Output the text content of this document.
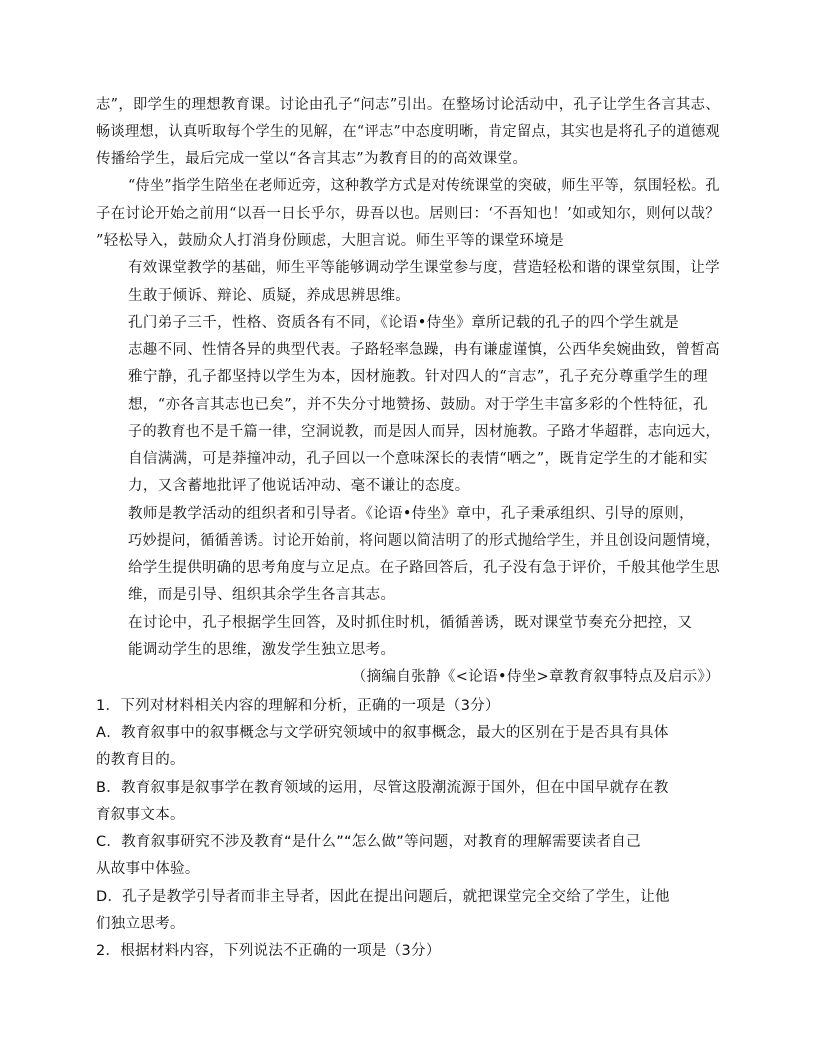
志”，即学生的理想教育课。讨论由孔子“问志”引出。在整场讨论活动中，孔子让学生各言其志、
畅谈理想，认真听取每个学生的见解，在“评志”中态度明晰，肯定留点，其实也是将孔子的道德观
传播给学生，最后完成一堂以“各言其志”为教育目的的高效课堂。
“侍坐”指学生陪坐在老师近旁，这种教学方式是对传统课堂的突破，师生平等，氛围轻松。孔
子在讨论开始之前用“以吾一日长乎尔，毋吾以也。居则曰：‘不吾知也！’如或知尔，则何以哉？
”轻松导入，鼓励众人打消身份顾虑，大胆言说。师生平等的课堂环境是
有效课堂教学的基础，师生平等能够调动学生课堂参与度，营造轻松和谐的课堂氛围，让学
生敢于倾诉、辩论、质疑，养成思辨思维。
孔门弟子三千，性格、资质各有不同，《论语•侍坐》章所记载的孔子的四个学生就是
志趣不同、性情各异的典型代表。子路轻率急躁，冉有谦虚谨慎，公西华矣婉曲致，曾皙高
雅宁静，孔子都坚持以学生为本，因材施教。针对四人的“言志”，孔子充分尊重学生的理
想，“亦各言其志也已矣”，并不失分寸地赞扬、鼓励。对于学生丰富多彩的个性特征，孔
子的教育也不是千篇一律，空洞说教，而是因人而异，因材施教。子路才华超群，志向远大，
自信满满，可是莽撞冲动，孔子回以一个意味深长的表情“哂之”，既肯定学生的才能和实
力，又含蓄地批评了他说话冲动、毫不谦让的态度。
教师是教学活动的组织者和引导者。《论语•侍坐》章中，孔子秉承组织、引导的原则，
巧妙提问，循循善诱。讨论开始前，将问题以简洁明了的形式抛给学生，并且创设问题情境，
给学生提供明确的思考角度与立足点。在子路回答后，孔子没有急于评价，千般其他学生思
维，而是引导、组织其余学生各言其志。
在讨论中，孔子根据学生回答，及时抓住时机，循循善诱，既对课堂节奏充分把控，又
能调动学生的思维，激发学生独立思考。
（摘编自张静《<论语•侍坐>章教育叙事特点及启示》）
1．下列对材料相关内容的理解和分析，正确的一项是（3分）
A．教育叙事中的叙事概念与文学研究领域中的叙事概念，最大的区别在于是否具有具体
的教育目的。
B．教育叙事是叙事学在教育领域的运用，尽管这股潮流源于国外，但在中国早就存在教
育叙事文本。
C．教育叙事研究不涉及教育“是什么”“怎么做”等问题，对教育的理解需要读者自己
从故事中体验。
D．孔子是教学引导者而非主导者，因此在提出问题后，就把课堂完全交给了学生，让他
们独立思考。
2．根据材料内容，下列说法不正确的一项是（3分）
